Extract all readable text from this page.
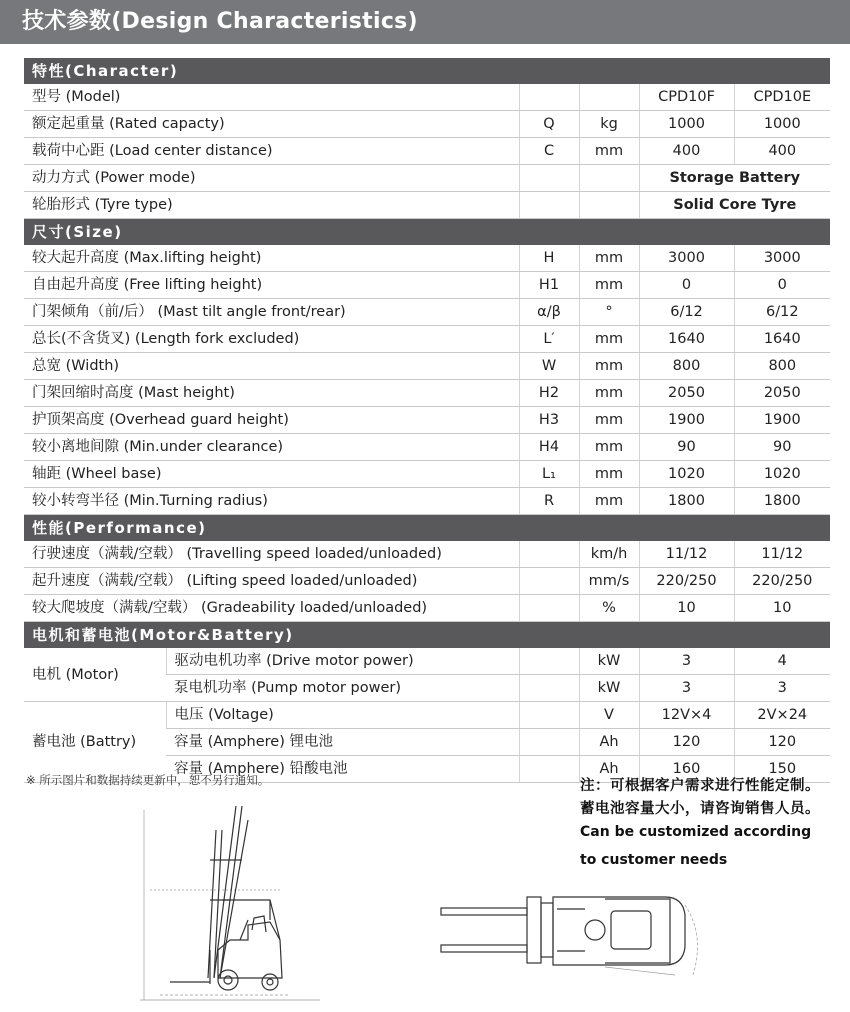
技术参数(Design Characteristics)
特性(Character)					
型号 (Model)				CPD10F	CPD10E
额定起重量 (Rated capacty)		Q	kg	1000	1000
载荷中心距 (Load center distance)		C	mm	400	400
动力方式 (Power mode)				Storage Battery	
轮胎形式 (Tyre type)				Solid Core Tyre	
尺寸(Size)					
较大起升高度 (Max.lifting height)		H	mm	3000	3000
自由起升高度 (Free lifting height)		H1	mm	0	0
门架倾角（前/后） (Mast tilt angle front/rear)		α/β	°	6/12	6/12
总长(不含货叉) (Length fork excluded)		L′	mm	1640	1640
总宽 (Width)		W	mm	800	800
门架回缩时高度 (Mast height)		H2	mm	2050	2050
护顶架高度 (Overhead guard height)		H3	mm	1900	1900
较小离地间隙 (Min.under clearance)		H4	mm	90	90
轴距 (Wheel base)		L₁	mm	1020	1020
较小转弯半径 (Min.Turning radius)		R	mm	1800	1800
性能(Performance)					
行驶速度（满载/空载） (Travelling speed loaded/unloaded)			km/h	11/12	11/12
起升速度（满载/空载） (Lifting speed loaded/unloaded)			mm/s	220/250	220/250
较大爬坡度（满载/空载） (Gradeability loaded/unloaded)			%	10	10
电机和蓄电池(Motor&Battery)					
电机 (Motor)	驱动电机功率 (Drive motor power)		kW	3	4
	泵电机功率 (Pump motor power)		kW	3	3
蓄电池 (Battry)	电压 (Voltage)		V	12V×4	2V×24
	容量 (Amphere) 锂电池		Ah	120	120
	容量 (Amphere) 铅酸电池		Ah	160	150
※ 所示图片和数据持续更新中，恕不另行通知。	注：可根据客户需求进行性能定制。
蓄电池容量大小，请咨询销售人员。
Can be customized according
to customer needs
